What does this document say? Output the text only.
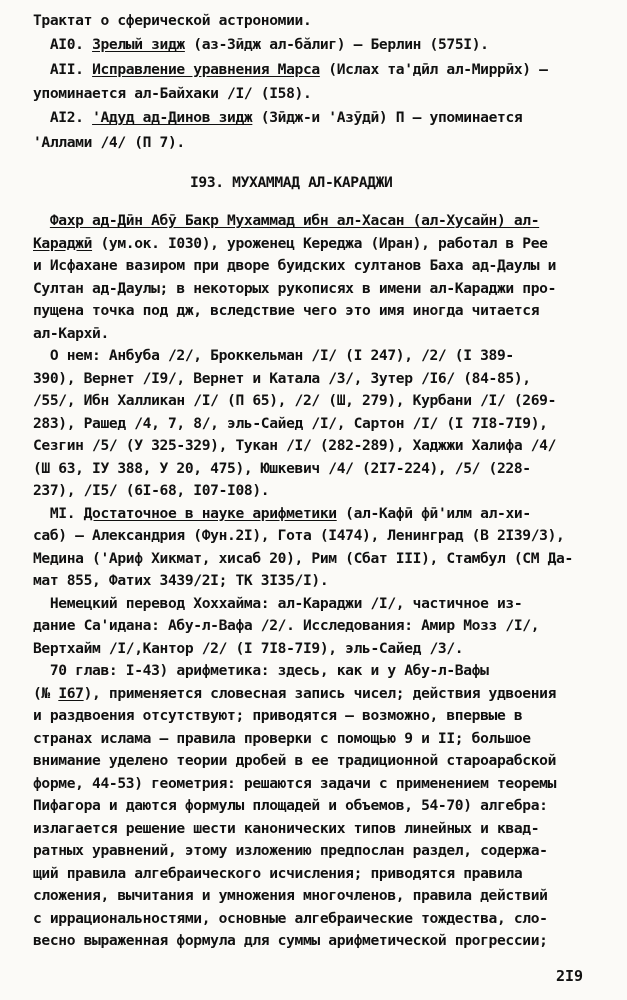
Трактат о сферической астрономии.
AI0. Зрелый зидж (аз-Зӣдж ал-бӑлиг) – Берлин (575I).
AII. Исправление уравнения Марса (Ислах та'дӣл ал-Миррӣх) –
упоминается ал-Байхаки /I/ (I58).
AI2. 'Адуд ад-Динов зидж (Зӣдж-и 'Азӯдӣ) П – упоминается
'Аллами /4/ (П 7).
I93. МУХАММАД АЛ-КАРАДЖИ
Фахр ад-Дӣн Абӯ Бакр Мухаммад ибн ал-Хасан (ал-Хусайн) ал-
Караджӣ (ум.ок. I030), уроженец Кереджа (Иран), работал в Рее
и Исфахане вазиром при дворе буидских султанов Баха ад-Даулы и
Султан ад-Даулы; в некоторых рукописях в имени ал-Караджи про-
пущена точка под дж, вследствие чего это имя иногда читается
ал-Кархӣ.
О нем: Анбуба /2/, Броккельман /I/ (I 247), /2/ (I 389-
390), Вернет /I9/, Вернет и Катала /3/, Зутер /I6/ (84-85),
/55/, Ибн Халликан /I/ (П 65), /2/ (Ш, 279), Курбани /I/ (269-
283), Рашед /4, 7, 8/, эль-Сайед /I/, Сартон /I/ (I 7I8-7I9),
Сезгин /5/ (У 325-329), Тукан /I/ (282-289), Хаджжи Халифа /4/
(Ш 63, IУ 388, У 20, 475), Юшкевич /4/ (2I7-224), /5/ (228-
237), /I5/ (6I-68, I07-I08).
MI. Достаточное в науке арифметики (ал-Кафӣ фӣ'илм ал-хи-
саб) – Александрия (Фун.2I), Гота (I474), Ленинград (В 2I39/3),
Медина ('Ариф Хикмат, хисаб 20), Рим (Сбат III), Стамбул (СМ Да-
мат 855, Фатих 3439/2I; ТК 3I35/I).
Немецкий перевод Хоххайма: ал-Караджи /I/, частичное из-
дание Са'идана: Абу-л-Вафа /2/. Исследования: Амир Мозз /I/,
Вертхайм /I/,Кантор /2/ (I 7I8-7I9), эль-Сайед /3/.
70 глав: I-43) арифметика: здесь, как и у Абу-л-Вафы
(№ I67), применяется словесная запись чисел; действия удвоения
и раздвоения отсутствуют; приводятся – возможно, впервые в
странах ислама – правила проверки с помощью 9 и II; большое
внимание уделено теории дробей в ее традиционной староарабской
форме, 44-53) геометрия: решаются задачи с применением теоремы
Пифагора и даются формулы площадей и объемов, 54-70) алгебра:
излагается решение шести канонических типов линейных и квад-
ратных уравнений, этому изложению предпослан раздел, содержа-
щий правила алгебраического исчисления; приводятся правила
сложения, вычитания и умножения многочленов, правила действий
с иррациональностями, основные алгебраические тождества, сло-
весно выраженная формула для суммы арифметической прогрессии;
2I9
